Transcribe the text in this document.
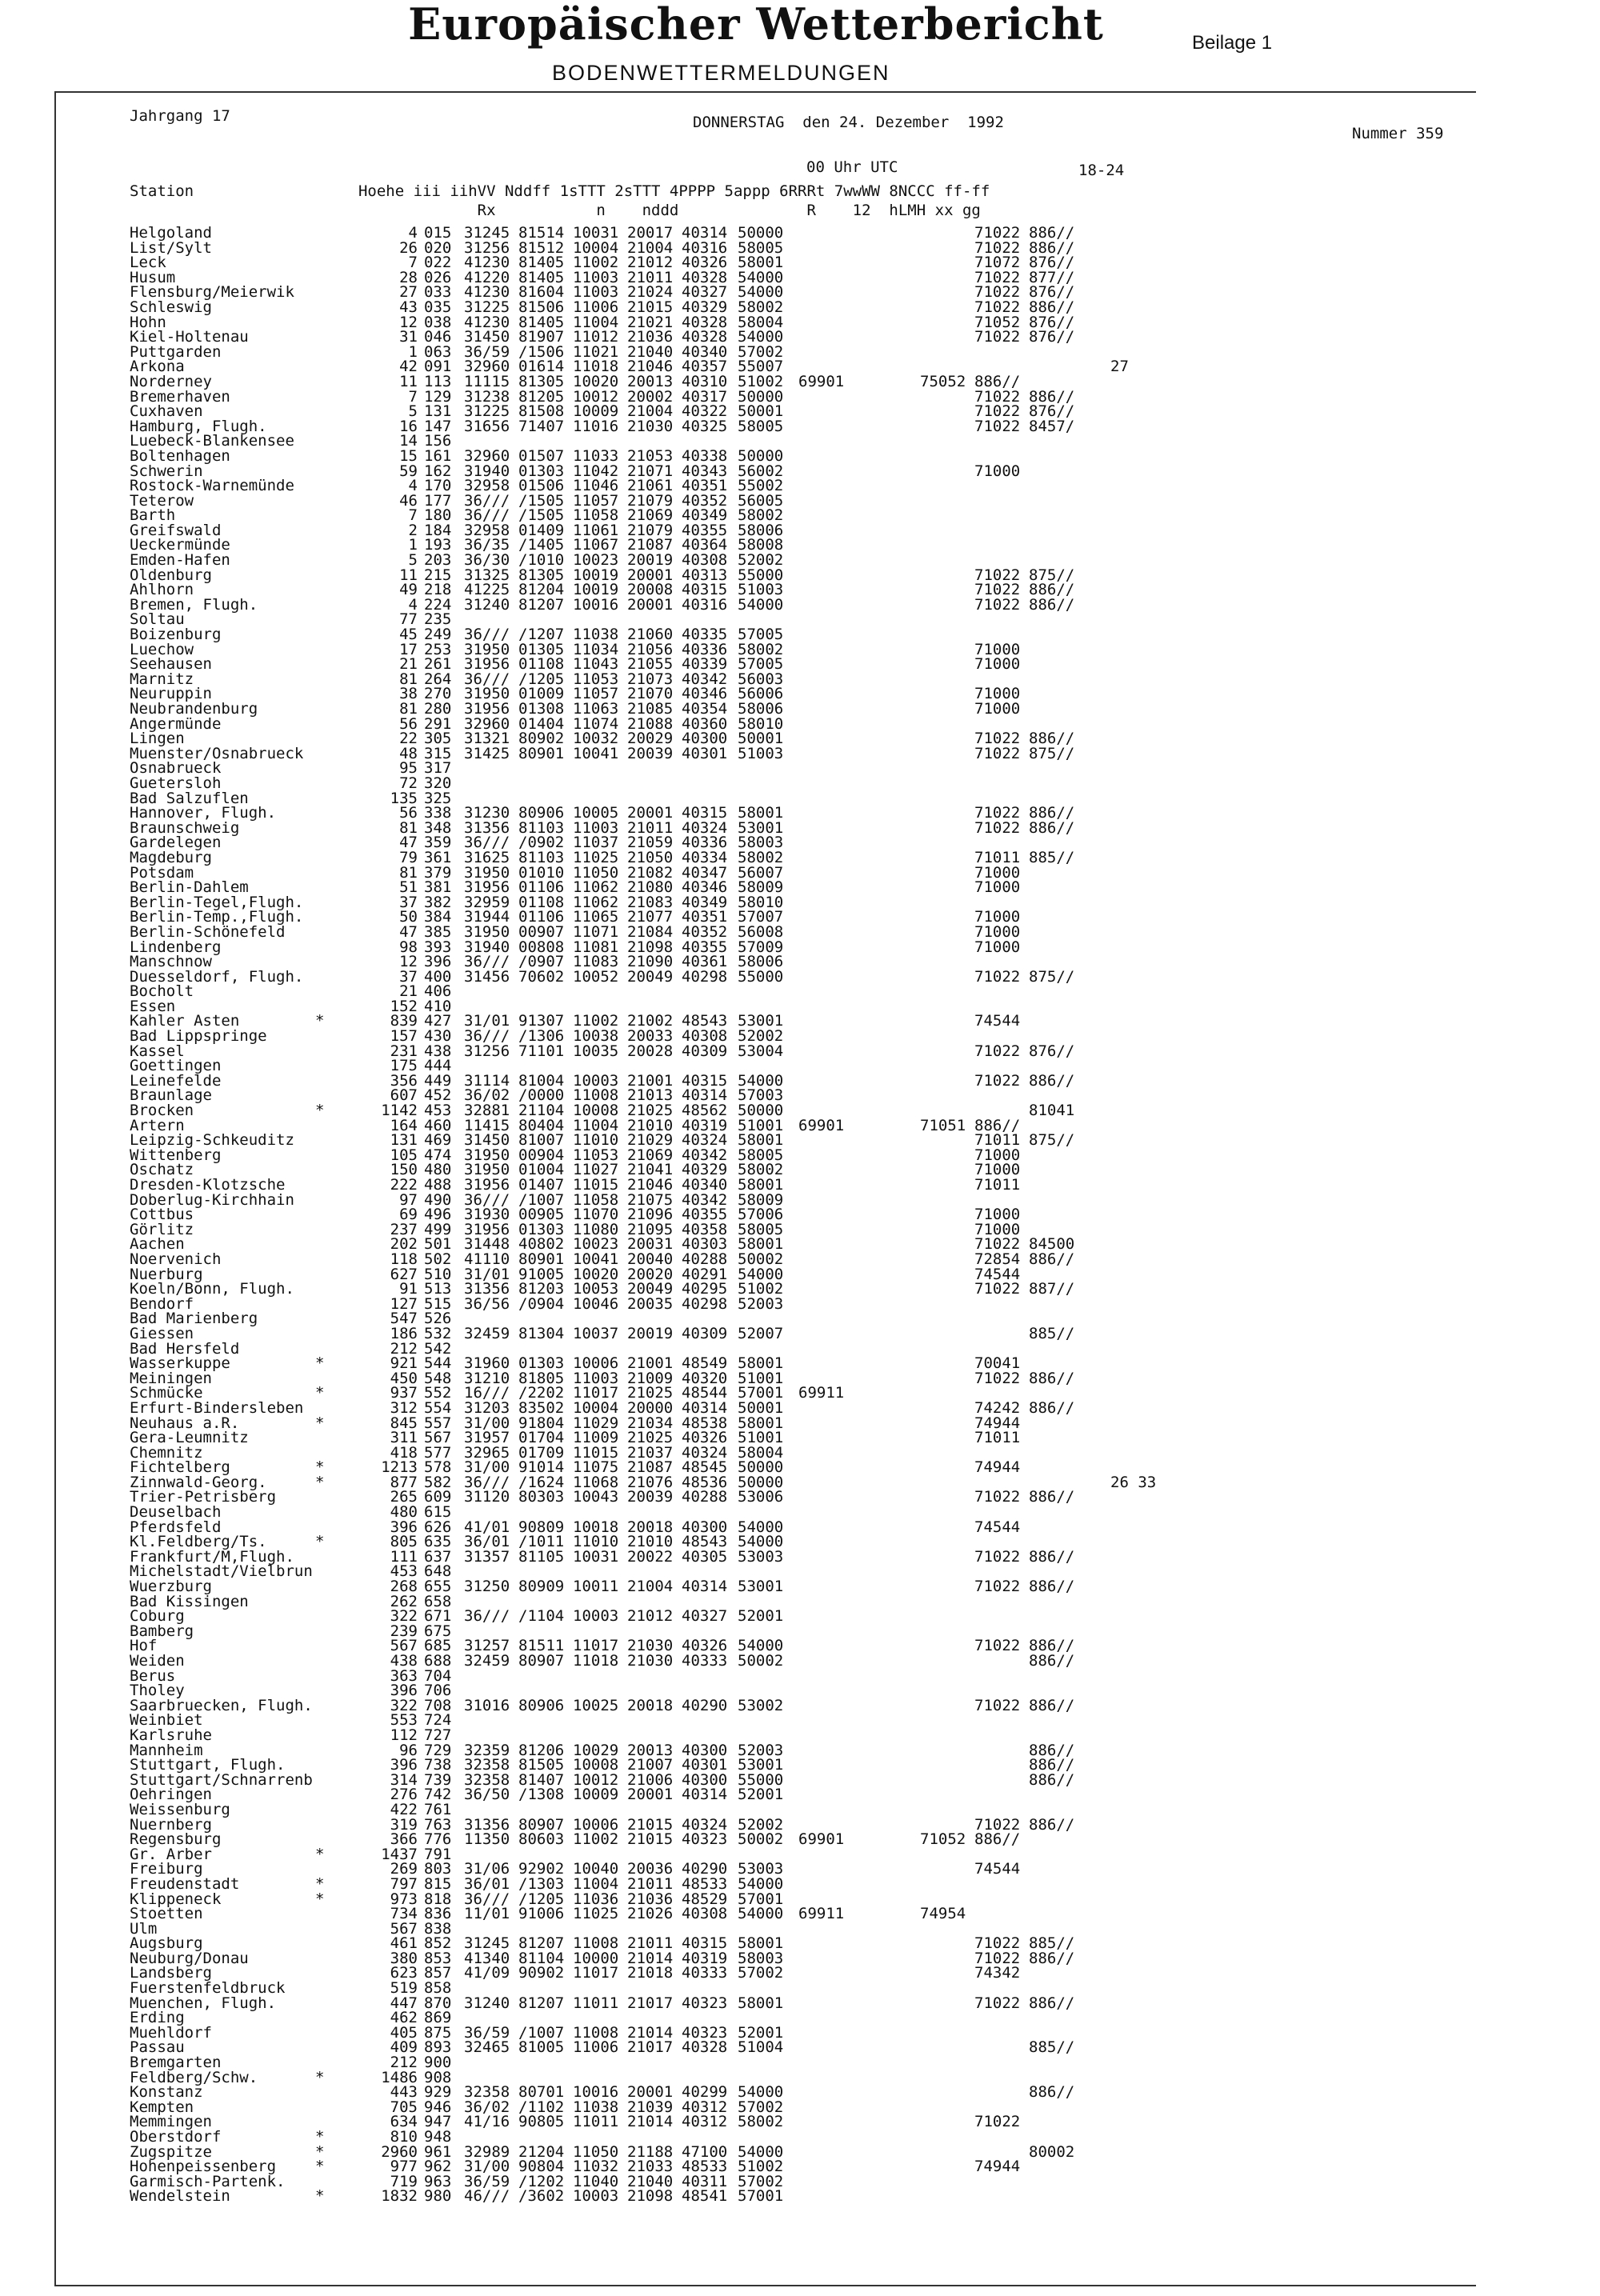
Europäischer Wetterbericht	Beilage 1
BODENWETTERMELDUNGEN
Jahrgang 17	DONNERSTAG  den 24. Dezember  1992
Nummer 359
00 Uhr UTC	18-24
Station                  Hoehe iii iihVV Nddff 1sTTT 2sTTT 4PPPP 5appp 6RRRt 7wwWW 8NCCC ff-ff
Rx           n    nddd              R    12  hLMH xx gg
Helgoland	4 015 31245 81514 10031 20017 40314 50000	71022 886//
List/Sylt	26 020 31256 81512 10004 21004 40316 58005	71022 886//
Leck	7 022 41230 81405 11002 21012 40326 58001	71072 876//
Husum	28 026 41220 81405 11003 21011 40328 54000	71022 877//
Flensburg/Meierwik	27 033 41230 81604 11003 21024 40327 54000	71022 876//
Schleswig	43 035 31225 81506 11006 21015 40329 58002	71022 886//
Hohn	12 038 41230 81405 11004 21021 40328 58004	71052 876//
Kiel-Holtenau	31 046 31450 81907 11012 21036 40328 54000	71022 876//
Puttgarden	1 063 36/59 /1506 11021 21040 40340 57002
Arkona	42 091 32960 01614 11018 21046 40357 55007	27
Norderney	11 113 11115 81305 10020 20013 40310 51002 69901	75052 886//
Bremerhaven	7 129 31238 81205 10012 20002 40317 50000	71022 886//
Cuxhaven	5 131 31225 81508 10009 21004 40322 50001	71022 876//
Hamburg, Flugh.	16 147 31656 71407 11016 21030 40325 58005	71022 8457/
Luebeck-Blankensee	14 156
Boltenhagen	15 161 32960 01507 11033 21053 40338 50000
Schwerin	59 162 31940 01303 11042 21071 40343 56002	71000
Rostock-Warnemünde	4 170 32958 01506 11046 21061 40351 55002
Teterow	46 177 36/// /1505 11057 21079 40352 56005
Barth	7 180 36/// /1505 11058 21069 40349 58002
Greifswald	2 184 32958 01409 11061 21079 40355 58006
Ueckermünde	1 193 36/35 /1405 11067 21087 40364 58008
Emden-Hafen	5 203 36/30 /1010 10023 20019 40308 52002
Oldenburg	11 215 31325 81305 10019 20001 40313 55000	71022 875//
Ahlhorn	49 218 41225 81204 10019 20008 40315 51003	71022 886//
Bremen, Flugh.	4 224 31240 81207 10016 20001 40316 54000	71022 886//
Soltau	77 235
Boizenburg	45 249 36/// /1207 11038 21060 40335 57005
Luechow	17 253 31950 01305 11034 21056 40336 58002	71000
Seehausen	21 261 31956 01108 11043 21055 40339 57005	71000
Marnitz	81 264 36/// /1205 11053 21073 40342 56003
Neuruppin	38 270 31950 01009 11057 21070 40346 56006	71000
Neubrandenburg	81 280 31956 01308 11063 21085 40354 58006	71000
Angermünde	56 291 32960 01404 11074 21088 40360 58010
Lingen	22 305 31321 80902 10032 20029 40300 50001	71022 886//
Muenster/Osnabrueck	48 315 31425 80901 10041 20039 40301 51003	71022 875//
Osnabrueck	95 317
Guetersloh	72 320
Bad Salzuflen	135 325
Hannover, Flugh.	56 338 31230 80906 10005 20001 40315 58001	71022 886//
Braunschweig	81 348 31356 81103 11003 21011 40324 53001	71022 886//
Gardelegen	47 359 36/// /0902 11037 21059 40336 58003
Magdeburg	79 361 31625 81103 11025 21050 40334 58002	71011 885//
Potsdam	81 379 31950 01010 11050 21082 40347 56007	71000
Berlin-Dahlem	51 381 31956 01106 11062 21080 40346 58009	71000
Berlin-Tegel,Flugh.	37 382 32959 01108 11062 21083 40349 58010
Berlin-Temp.,Flugh.	50 384 31944 01106 11065 21077 40351 57007	71000
Berlin-Schönefeld	47 385 31950 00907 11071 21084 40352 56008	71000
Lindenberg	98 393 31940 00808 11081 21098 40355 57009	71000
Manschnow	12 396 36/// /0907 11083 21090 40361 58006
Duesseldorf, Flugh.	37 400 31456 70602 10052 20049 40298 55000	71022 875//
Bocholt	21 406
Essen	152 410
Kahler Asten	*	839 427 31/01 91307 11002 21002 48543 53001	74544
Bad Lippspringe	157 430 36/// /1306 10038 20033 40308 52002
Kassel	231 438 31256 71101 10035 20028 40309 53004	71022 876//
Goettingen	175 444
Leinefelde	356 449 31114 81004 10003 21001 40315 54000	71022 886//
Braunlage	607 452 36/02 /0000 11008 21013 40314 57003
Brocken	*	1142 453 32881 21104 10008 21025 48562 50000	81041
Artern	164 460 11415 80404 11004 21010 40319 51001 69901	71051 886//
Leipzig-Schkeuditz	131 469 31450 81007 11010 21029 40324 58001	71011 875//
Wittenberg	105 474 31950 00904 11053 21069 40342 58005	71000
Oschatz	150 480 31950 01004 11027 21041 40329 58002	71000
Dresden-Klotzsche	222 488 31956 01407 11015 21046 40340 58001	71011
Doberlug-Kirchhain	97 490 36/// /1007 11058 21075 40342 58009
Cottbus	69 496 31930 00905 11070 21096 40355 57006	71000
Görlitz	237 499 31956 01303 11080 21095 40358 58005	71000
Aachen	202 501 31448 40802 10023 20031 40303 58001	71022 84500
Noervenich	118 502 41110 80901 10041 20040 40288 50002	72854 886//
Nuerburg	627 510 31/01 91005 10020 20020 40291 54000	74544
Koeln/Bonn, Flugh.	91 513 31356 81203 10053 20049 40295 51002	71022 887//
Bendorf	127 515 36/56 /0904 10046 20035 40298 52003
Bad Marienberg	547 526
Giessen	186 532 32459 81304 10037 20019 40309 52007	885//
Bad Hersfeld	212 542
Wasserkuppe	*	921 544 31960 01303 10006 21001 48549 58001	70041
Meiningen	450 548 31210 81805 11003 21009 40320 51001	71022 886//
Schmücke	*	937 552 16/// /2202 11017 21025 48544 57001 69911
Erfurt-Bindersleben	312 554 31203 83502 10004 20000 40314 50001	74242 886//
Neuhaus a.R.	*	845 557 31/00 91804 11029 21034 48538 58001	74944
Gera-Leumnitz	311 567 31957 01704 11009 21025 40326 51001	71011
Chemnitz	418 577 32965 01709 11015 21037 40324 58004
Fichtelberg	*	1213 578 31/00 91014 11075 21087 48545 50000	74944
Zinnwald-Georg.	*	877 582 36/// /1624 11068 21076 48536 50000	26 33
Trier-Petrisberg	265 609 31120 80303 10043 20039 40288 53006	71022 886//
Deuselbach	480 615
Pferdsfeld	396 626 41/01 90809 10018 20018 40300 54000	74544
Kl.Feldberg/Ts.	*	805 635 36/01 /1011 11010 21010 48543 54000
Frankfurt/M,Flugh.	111 637 31357 81105 10031 20022 40305 53003	71022 886//
Michelstadt/Vielbrun	453 648
Wuerzburg	268 655 31250 80909 10011 21004 40314 53001	71022 886//
Bad Kissingen	262 658
Coburg	322 671 36/// /1104 10003 21012 40327 52001
Bamberg	239 675
Hof	567 685 31257 81511 11017 21030 40326 54000	71022 886//
Weiden	438 688 32459 80907 11018 21030 40333 50002	886//
Berus	363 704
Tholey	396 706
Saarbruecken, Flugh.	322 708 31016 80906 10025 20018 40290 53002	71022 886//
Weinbiet	553 724
Karlsruhe	112 727
Mannheim	96 729 32359 81206 10029 20013 40300 52003	886//
Stuttgart, Flugh.	396 738 32358 81505 10008 21007 40301 53001	886//
Stuttgart/Schnarrenb	314 739 32358 81407 10012 21006 40300 55000	886//
Oehringen	276 742 36/50 /1308 10009 20001 40314 52001
Weissenburg	422 761
Nuernberg	319 763 31356 80907 10006 21015 40324 52002	71022 886//
Regensburg	366 776 11350 80603 11002 21015 40323 50002 69901	71052 886//
Gr. Arber	*	1437 791
Freiburg	269 803 31/06 92902 10040 20036 40290 53003	74544
Freudenstadt	*	797 815 36/01 /1303 11004 21011 48533 54000
Klippeneck	*	973 818 36/// /1205 11036 21036 48529 57001
Stoetten	734 836 11/01 91006 11025 21026 40308 54000 69911	74954
Ulm	567 838
Augsburg	461 852 31245 81207 11008 21011 40315 58001	71022 885//
Neuburg/Donau	380 853 41340 81104 10000 21014 40319 58003	71022 886//
Landsberg	623 857 41/09 90902 11017 21018 40333 57002	74342
Fuerstenfeldbruck	519 858
Muenchen, Flugh.	447 870 31240 81207 11011 21017 40323 58001	71022 886//
Erding	462 869
Muehldorf	405 875 36/59 /1007 11008 21014 40323 52001
Passau	409 893 32465 81005 11006 21017 40328 51004	885//
Bremgarten	212 900
Feldberg/Schw.	*	1486 908
Konstanz	443 929 32358 80701 10016 20001 40299 54000	886//
Kempten	705 946 36/02 /1102 11038 21039 40312 57002
Memmingen	634 947 41/16 90805 11011 21014 40312 58002	71022
Oberstdorf	*	810 948
Zugspitze	*	2960 961 32989 21204 11050 21188 47100 54000	80002
Hohenpeissenberg	*	977 962 31/00 90804 11032 21033 48533 51002	74944
Garmisch-Partenk.	719 963 36/59 /1202 11040 21040 40311 57002
Wendelstein	*	1832 980 46/// /3602 10003 21098 48541 57001
